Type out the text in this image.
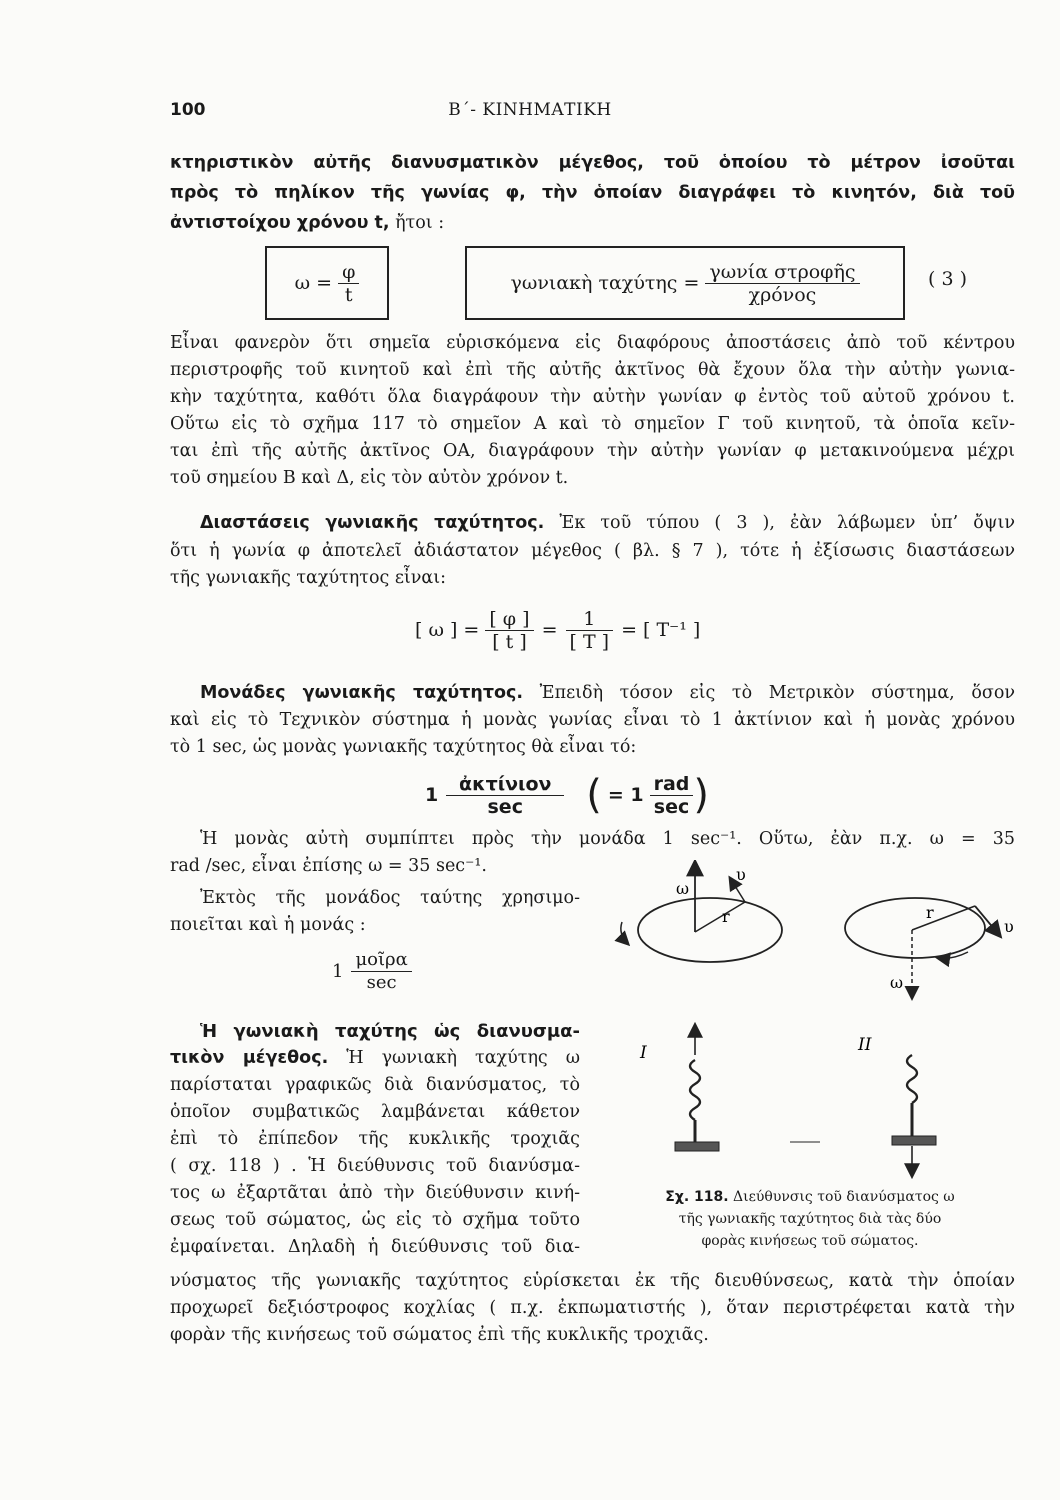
100	Β΄- ΚΙΝΗΜΑΤΙΚΗ
κτηριστικὸν αὐτῆς διανυσματικὸν μέγεθος, τοῦ ὁποίου τὸ μέτρον ἰσοῦται
πρὸς τὸ πηλίκον τῆς γωνίας φ, τὴν ὁποίαν διαγράφει τὸ κινητόν, διὰ τοῦ
ἀντιστοίχου χρόνου t, ἤτοι :
$\omega = \frac{\varphi}{t}$	γωνιακὴ $\tau\alpha\chi ύ\tau\eta\varsigma = \frac{\text{γωνία στροφῆς}}{\text{χρόνος}}$	( 3 )
Εἶναι φανερὸν ὅτι σημεῖα εὑρισκόμενα εἰς διαφόρους ἀποστάσεις ἀπὸ τοῦ κέντρου
περιστροφῆς τοῦ κινητοῦ καὶ ἐπὶ τῆς αὐτῆς ἀκτῖνος θὰ ἔχουν ὅλα τὴν αὐτὴν γωνια-
κὴν ταχύτητα, καθότι ὅλα διαγράφουν τὴν αὐτὴν γωνίαν φ ἐντὸς τοῦ αὐτοῦ χρόνου t.
Οὕτω εἰς τὸ σχῆμα 117 τὸ σημεῖον Α καὶ τὸ σημεῖον Γ τοῦ κινητοῦ, τὰ ὁποῖα κεῖν-
ται ἐπὶ τῆς αὐτῆς ἀκτῖνος ΟΑ, διαγράφουν τὴν αὐτὴν γωνίαν φ μετακινούμενα μέχρι
τοῦ σημείου Β καὶ Δ, εἰς τὸν αὐτὸν χρόνον t.
Διαστάσεις γωνιακῆς ταχύτητος. Ἐκ τοῦ τύπου ( 3 ), ἐὰν λάβωμεν ὑπ’ ὄψιν
ὅτι ἡ γωνία φ ἀποτελεῖ ἀδιάστατον μέγεθος ( βλ. § 7 ), τότε ἡ ἐξίσωσις διαστάσεων
τῆς γωνιακῆς ταχύτητος εἶναι:
[ ω ] = $\frac{[ \varphi ]}{[ t ]} = \frac{1}{[ T ]}$ = [ T⁻¹ ]
Μονάδες γωνιακῆς ταχύτητος. Ἐπειδὴ τόσον εἰς τὸ Μετρικὸν σύστημα, ὅσον
καὶ εἰς τὸ Τεχνικὸν σύστημα ἡ μονὰς γωνίας εἶναι τὸ 1 ἀκτίνιον καὶ ἡ μονὰς χρόνου
τὸ 1 sec, ὡς μονὰς γωνιακῆς ταχύτητος θὰ εἶναι τό:
$1 \frac{\text{ἀκτίνιον}}{\sec}$ ( = $1 \frac{\text{rad}}{\sec}$ )
Ἡ μονὰς αὐτὴ συμπίπτει πρὸς τὴν μονάδα 1 sec⁻¹. Οὕτω, ἐὰν π.χ. ω = 35
rad /sec, εἶναι ἐπίσης ω = 35 sec⁻¹.
Ἐκτὸς τῆς μονάδος ταύτης χρησιμο-
ποιεῖται καὶ ἡ μονάς :
$1 \frac{\text{μοῖρα}}{\sec}$
Ἡ γωνιακὴ ταχύτης ὡς διανυσμα-
τικὸν μέγεθος. Ἡ γωνιακὴ ταχύτης ω
παρίσταται γραφικῶς διὰ διανύσματος, τὸ
ὁποῖον συμβατικῶς λαμβάνεται κάθετον
ἐπὶ τὸ ἐπίπεδον τῆς κυκλικῆς τροχιᾶς
( σχ. 118 ) . Ἡ διεύθυνσις τοῦ διανύσμα-
τος ω ἐξαρτᾶται ἀπὸ τὴν διεύθυνσιν κινή-
σεως τοῦ σώματος, ὡς εἰς τὸ σχῆμα τοῦτο
ἐμφαίνεται. Δηλαδὴ ἡ διεύθυνσις τοῦ δια-
νύσματος τῆς γωνιακῆς ταχύτητος εὑρίσκεται ἐκ τῆς διευθύνσεως, κατὰ τὴν ὁποίαν
προχωρεῖ δεξιόστροφος κοχλίας ( π.χ. ἐκπωματιστής ), ὅταν περιστρέφεται κατὰ τὴν
φορὰν τῆς κινήσεως τοῦ σώματος ἐπὶ τῆς κυκλικῆς τροχιᾶς.
ω
υ
r	r
υ
ω
I	II
Σχ. 118. Διεύθυνσις τοῦ διανύσματος ω
τῆς γωνιακῆς ταχύτητος διὰ τὰς δύο
φορὰς κινήσεως τοῦ σώματος.
